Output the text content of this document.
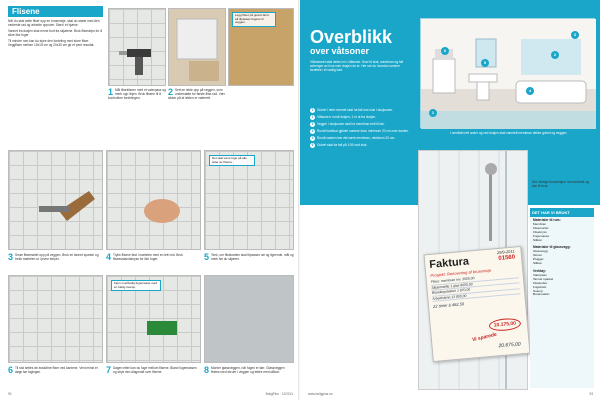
Flisene

Når du skal sette fliser opp en brusenisje, skal du starte med den nederste rad og arbeide oppover. Start i et hjørne.

Vannet fra dusjen skal renne bort fra skjøtene. Bruk flisestrips for å sikre like fuger.

Til mindre rom kan du styre den fordeling med store fliser. Veggfliser mellom 15x15 cm og 20x30 cm gir et pent resultat.

Legg fliser på gulvet først, så tilpasses fugene til veggen.
1 Mål flisekileren med et vaterpass og merk opp linjen. Bruk flisene til å kontrollere fordelingen.
2 Sett en lekte opp på veggen, som understøtte for første flise-rad. Vær sikker på at lekten er vaterrett.
Det skal være fuge på alle sider av flisene.
3 Smør flisemørtel opp på veggen. Bruk en tannet sparkel og trekk mørtelen ut i jevne striper.	4 Trykk flisene fast i mørtelen med en lett vrid. Bruk fliseavstandskryss for like fuger.	5 Tenk, om flisekanten skal tilpasses rør og lignende, mål og merk før du skjærer.
Fjern overflødig fugemasse med en fuktig svamp.
6 Til sist settes de avskårne fliser ved kantene. Vent minst et døgn før fugingen.	7 Dagen etter kan du fuge mellom flisene. Bland fugemassen og stryk den diagonalt over flisene.	8 Monter glassveggen, når fugen er tørr. Glassveggen festes med skruer i veggen og tettes med silikon.
92	BoligPlus · 12/2011
Overblikk
over våtsoner
Våtrommet skal deles inn i våtsoner. Krav til sluk, membran og fall avhenger av hvor nær dusjen du er. Her ser du hvordan sonene fordeles i et vanlig bad.
1	Gulvet i hele rommet skal ha fall mot sluk i dusjsonen.
2	Våtsonen: rundt dusjen, 1 m ut fra dusjen.
3	Vegger i dusjsonen skal ha membran helt til tak.
4	Rundt badekar gjelder samme krav, minimum 20 cm over kanten.
5	Rundt vasken bør det være membran, minimum 20 cm.
6	Gulvet skal ha fall på 1:50 mot sluk.
1
2
3
4
5
6
I området rett under og ved dusjen skal vanntett membran dekke gulvet og veggen.
Den ferdige brusenisjen. Innmonteret og klar til bruk.
29/9-2011
Faktura	01560
Prosjekt: Renovering af brusenisje
Fliser, membran mv. 3000,00
Skjærmøllte 1 glas 6000,00
Blandingsbatteri 1 870,00
Arbeidslønn 13 800,00
22 timer á 462,50
10.175,00
Vi sparede
20.675,00
DET HAR VI BRUKT
Materialer til rum:
Membran
Flisemørtel
Flisekryss
Fugemasse
Silikon
Materialer til glassvegg:
Glassvegg
Skruer
Plugger
Silikon
Verktøy:
Vaterpass
Tannet sparkel
Flisekutter
Fugebrett
Svamp
Boremaskin
www.boligplus.no	93
